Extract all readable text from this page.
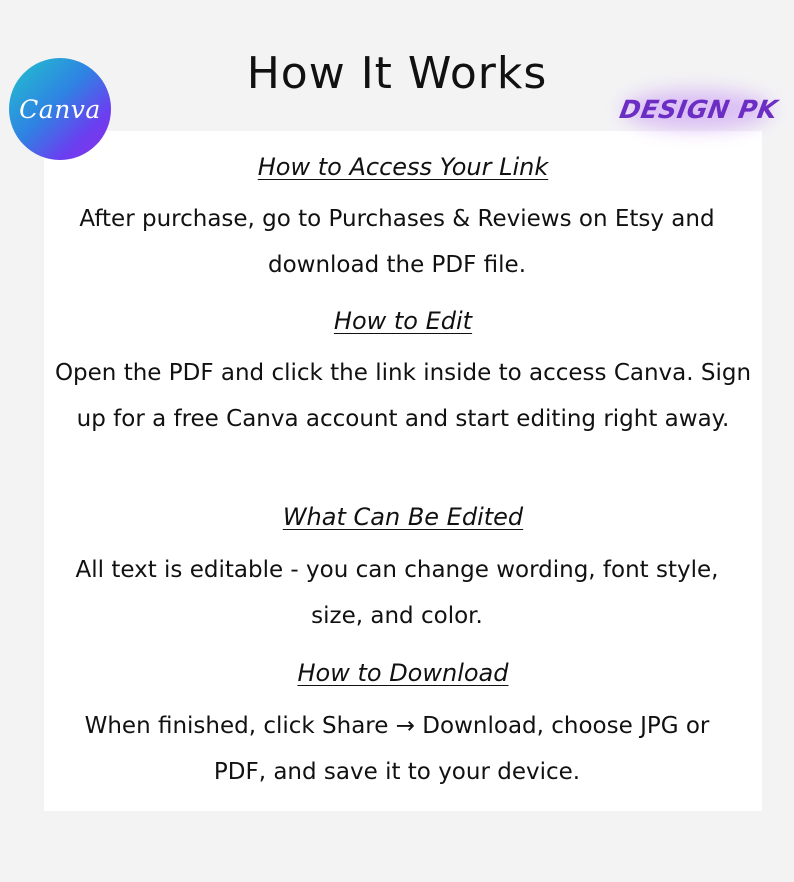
How It Works
Canva	DESIGN PK
How to Access Your Link
After purchase, go to Purchases & Reviews on Etsy and download the PDF file.
How to Edit
Open the PDF and click the link inside to access Canva. Sign up for a free Canva account and start editing right away.
What Can Be Edited
All text is editable - you can change wording, font style, size, and color.
How to Download
When finished, click Share → Download, choose JPG or PDF, and save it to your device.
